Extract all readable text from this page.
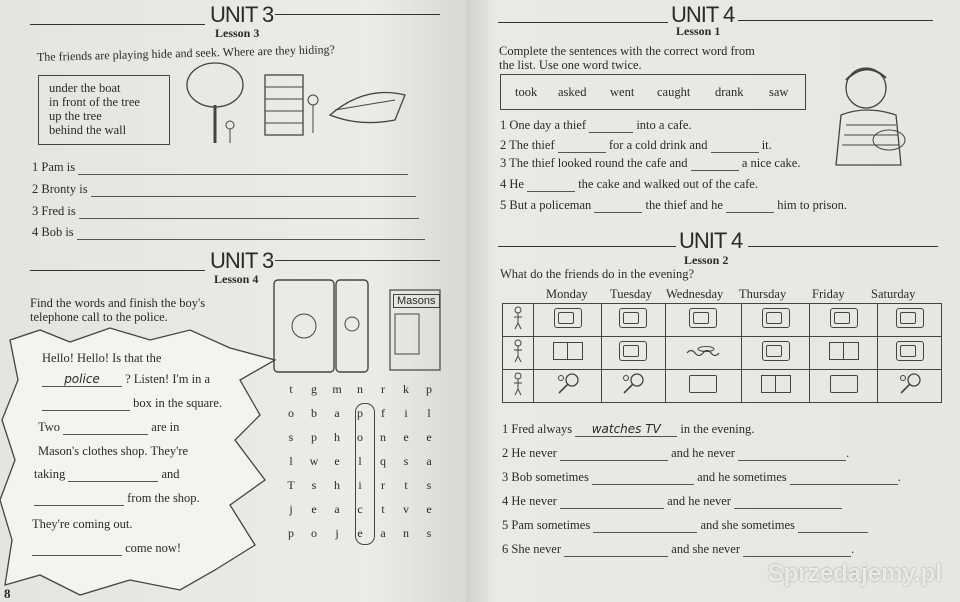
UNIT 3
Lesson 3
The friends are playing hide and seek. Where are they hiding?
under the boat
in front of the tree
up the tree
behind the wall
1 Pam is
2 Bronty is
3 Fred is
4 Bob is
UNIT 3
Lesson 4
Find the words and finish the boy's
telephone call to the police.
Masons
Hello! Hello! Is that the
police ? Listen! I'm in a
box in the square.
Two	are in
Mason's clothes shop. They're
taking	and
from the shop.
They're coming out.
come now!
t	g	m	n	r	k	p
o	b	a	p	f	i	l
s	p	h	o	n	e	e
l	w	e	l	q	s	a
T	s	h	i	r	t	s
j	e	a	c	t	v	e
p	o	j	e	a	n	s
8
UNIT 4
Lesson 1
Complete the sentences with the correct word from
the list. Use one word twice.
took asked went caught drank saw
1 One day a thief	into a cafe.
2 The thief	for a cold drink and	it.
3 The thief looked round the cafe and	a nice cake.
4 He	the cake and walked out of the cafe.
5 But a policeman	the thief and he	him to prison.
UNIT 4
Lesson 2
What do the friends do in the evening?
Monday Tuesday Wednesday Thursday Friday Saturday

1 Fred always watches TV in the evening.
2 He never	and he never	.
3 Bob sometimes	and he sometimes	.
4 He never	and he never
5 Pam sometimes	and she sometimes
6 She never	and she never	.
Sprzedajemy.pl
